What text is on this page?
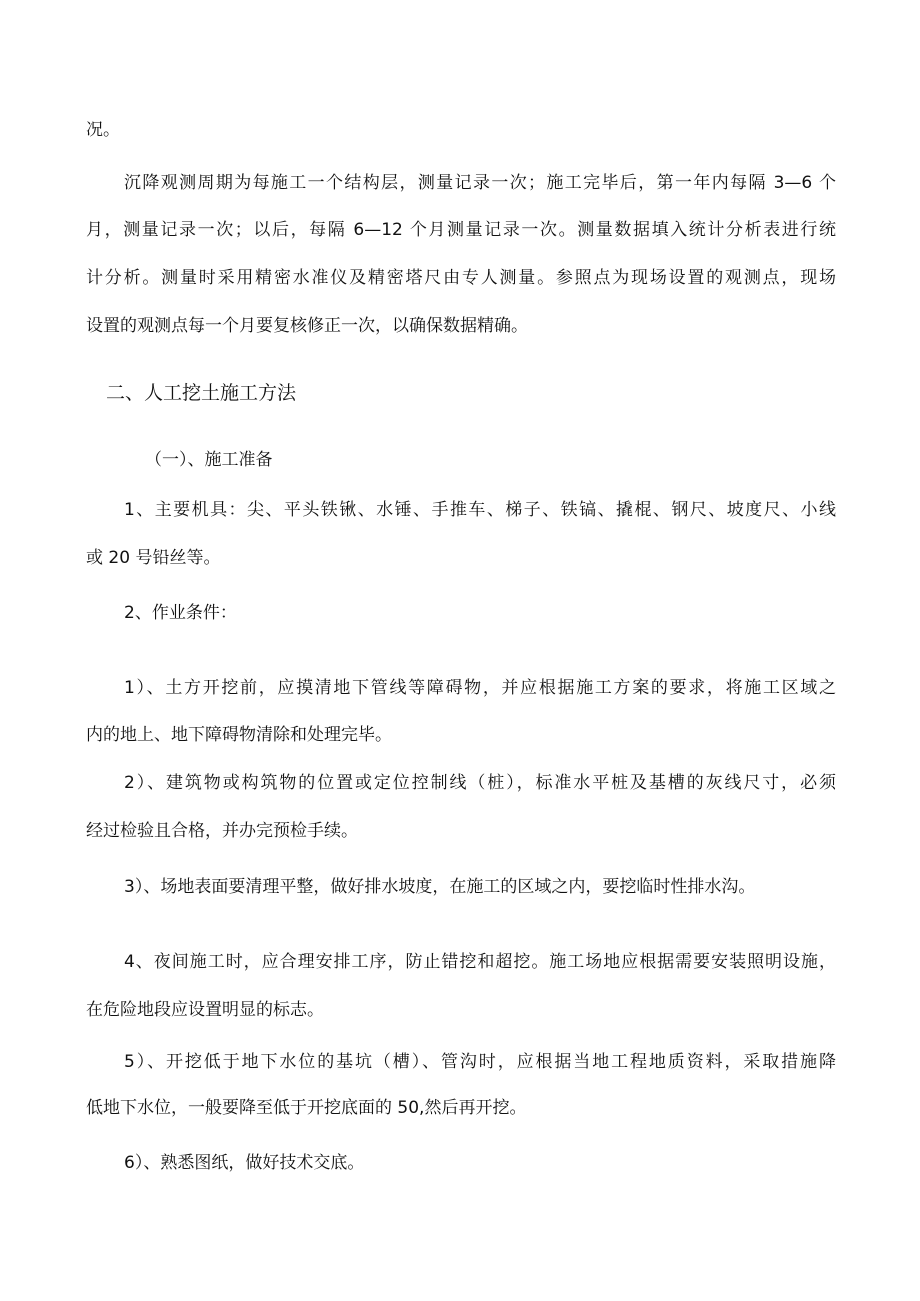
况。
沉降观测周期为每施工一个结构层，测量记录一次；施工完毕后，第一年内每隔 3—6 个
月，测量记录一次；以后，每隔 6—12 个月测量记录一次。测量数据填入统计分析表进行统
计分析。测量时采用精密水准仪及精密塔尺由专人测量。参照点为现场设置的观测点，现场
设置的观测点每一个月要复核修正一次，以确保数据精确。
二、人工挖土施工方法
（一）、施工准备
1、主要机具：尖、平头铁锹、水锤、手推车、梯子、铁镐、撬棍、钢尺、坡度尺、小线
或 20 号铅丝等。
2、作业条件：
1）、土方开挖前，应摸清地下管线等障碍物，并应根据施工方案的要求，将施工区域之
内的地上、地下障碍物清除和处理完毕。
2）、建筑物或构筑物的位置或定位控制线（桩），标准水平桩及基槽的灰线尺寸，必须
经过检验且合格，并办完预检手续。
3）、场地表面要清理平整，做好排水坡度，在施工的区域之内，要挖临时性排水沟。
4、夜间施工时，应合理安排工序，防止错挖和超挖。施工场地应根据需要安装照明设施，
在危险地段应设置明显的标志。
5）、开挖低于地下水位的基坑（槽）、管沟时，应根据当地工程地质资料，采取措施降
低地下水位，一般要降至低于开挖底面的 50,然后再开挖。
6）、熟悉图纸，做好技术交底。
